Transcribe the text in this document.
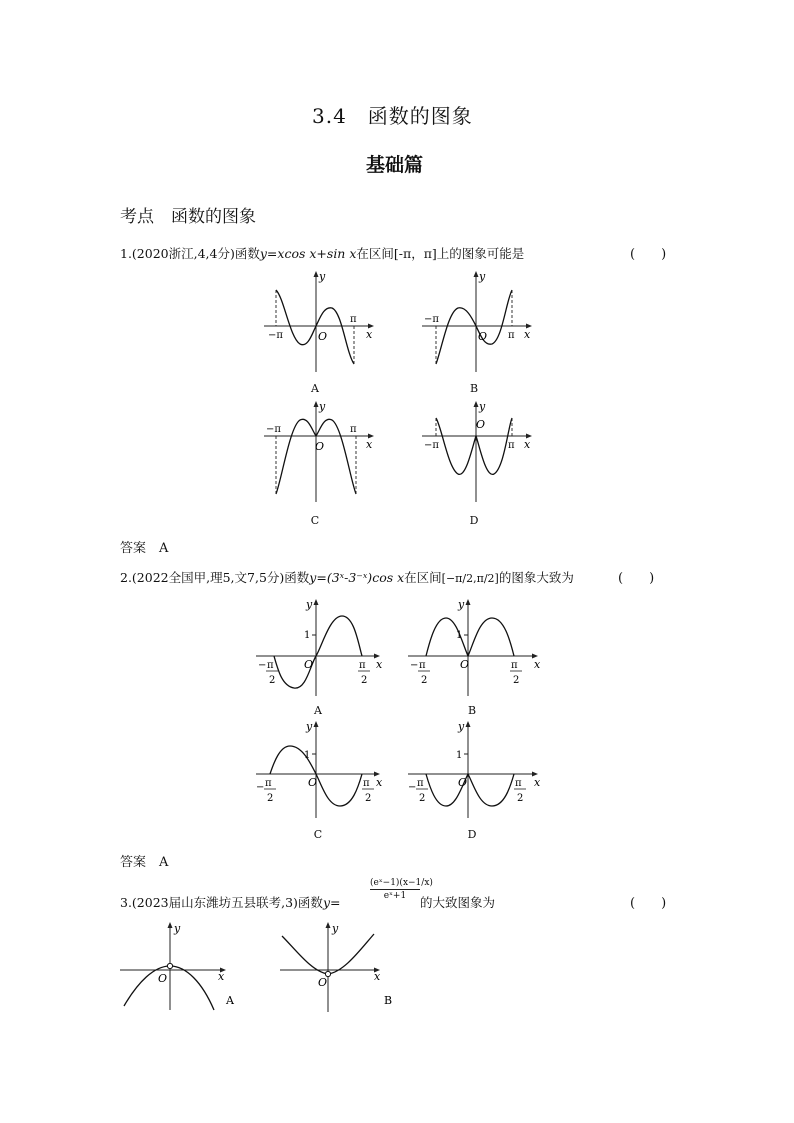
3.4　函数的图象
基础篇
考点　函数的图象
1.(2020浙江,4,4分)函数y=xcos x+sin x在区间[-π，π]上的图象可能是	(　　)
O	x
y
−π
π
A
O	x
y
−π
π
B
O	x
y
−π	π
C
O
x
y
−π	π
D
答案　 A
2.(2022全国甲,理5,文7,5分)函数y=(3ˣ-3⁻ˣ)cos x在区间[−π/2,π/2]的图象大致为	(　　)
1
O	x
y
− π
2
π
2
A
1
O	x
y
− π
2
π
2
B
1
O	x
y
− π
2
π
2
C
1
O	x
y
− π
2
π
2
D
答案　 A
3.(2023届山东潍坊五县联考,3)函数y=
$\frac{\text{(eˣ−1)(x−1/x)}}{\text{eˣ+1}}$
的大致图象为	(　　)
O	x
y
A
O	x
y
B
